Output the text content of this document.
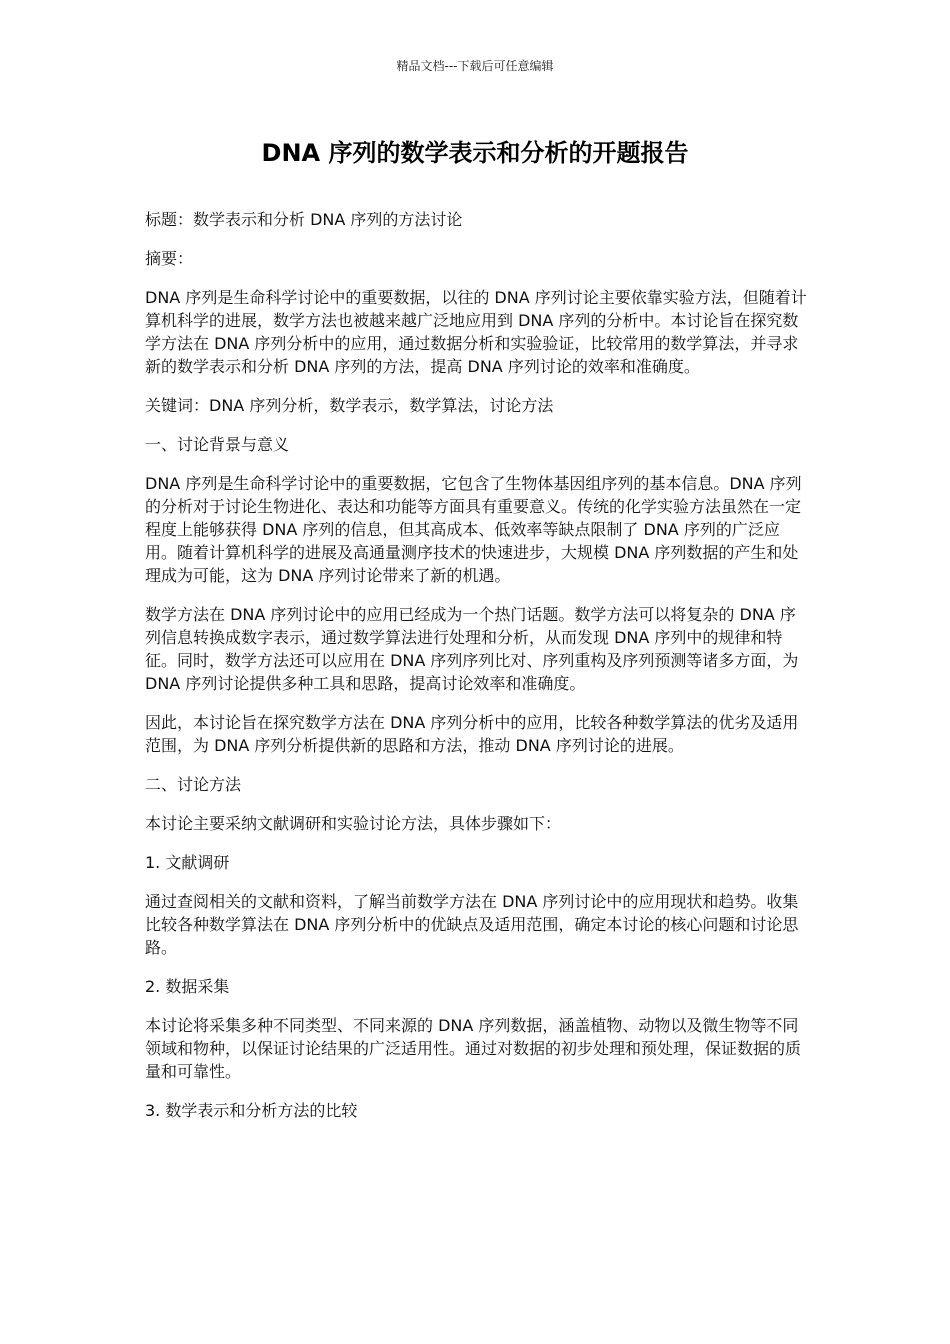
精品文档---下载后可任意编辑
DNA 序列的数学表示和分析的开题报告

标题：数学表示和分析 DNA 序列的方法讨论

摘要：

DNA 序列是生命科学讨论中的重要数据，以往的 DNA 序列讨论主要依靠实验方法，但随着计算机科学的进展，数学方法也被越来越广泛地应用到 DNA 序列的分析中。本讨论旨在探究数学方法在 DNA 序列分析中的应用，通过数据分析和实验验证，比较常用的数学算法，并寻求新的数学表示和分析 DNA 序列的方法，提高 DNA 序列讨论的效率和准确度。

关键词：DNA 序列分析，数学表示，数学算法，讨论方法

一、讨论背景与意义

DNA 序列是生命科学讨论中的重要数据，它包含了生物体基因组序列的基本信息。DNA 序列的分析对于讨论生物进化、表达和功能等方面具有重要意义。传统的化学实验方法虽然在一定程度上能够获得 DNA 序列的信息，但其高成本、低效率等缺点限制了 DNA 序列的广泛应用。随着计算机科学的进展及高通量测序技术的快速进步，大规模 DNA 序列数据的产生和处理成为可能，这为 DNA 序列讨论带来了新的机遇。

数学方法在 DNA 序列讨论中的应用已经成为一个热门话题。数学方法可以将复杂的 DNA 序列信息转换成数字表示，通过数学算法进行处理和分析，从而发现 DNA 序列中的规律和特征。同时，数学方法还可以应用在 DNA 序列序列比对、序列重构及序列预测等诸多方面，为 DNA 序列讨论提供多种工具和思路，提高讨论效率和准确度。

因此，本讨论旨在探究数学方法在 DNA 序列分析中的应用，比较各种数学算法的优劣及适用范围，为 DNA 序列分析提供新的思路和方法，推动 DNA 序列讨论的进展。

二、讨论方法

本讨论主要采纳文献调研和实验讨论方法，具体步骤如下：

1. 文献调研

通过查阅相关的文献和资料，了解当前数学方法在 DNA 序列讨论中的应用现状和趋势。收集比较各种数学算法在 DNA 序列分析中的优缺点及适用范围，确定本讨论的核心问题和讨论思路。

2. 数据采集

本讨论将采集多种不同类型、不同来源的 DNA 序列数据，涵盖植物、动物以及微生物等不同领域和物种，以保证讨论结果的广泛适用性。通过对数据的初步处理和预处理，保证数据的质量和可靠性。

3. 数学表示和分析方法的比较
